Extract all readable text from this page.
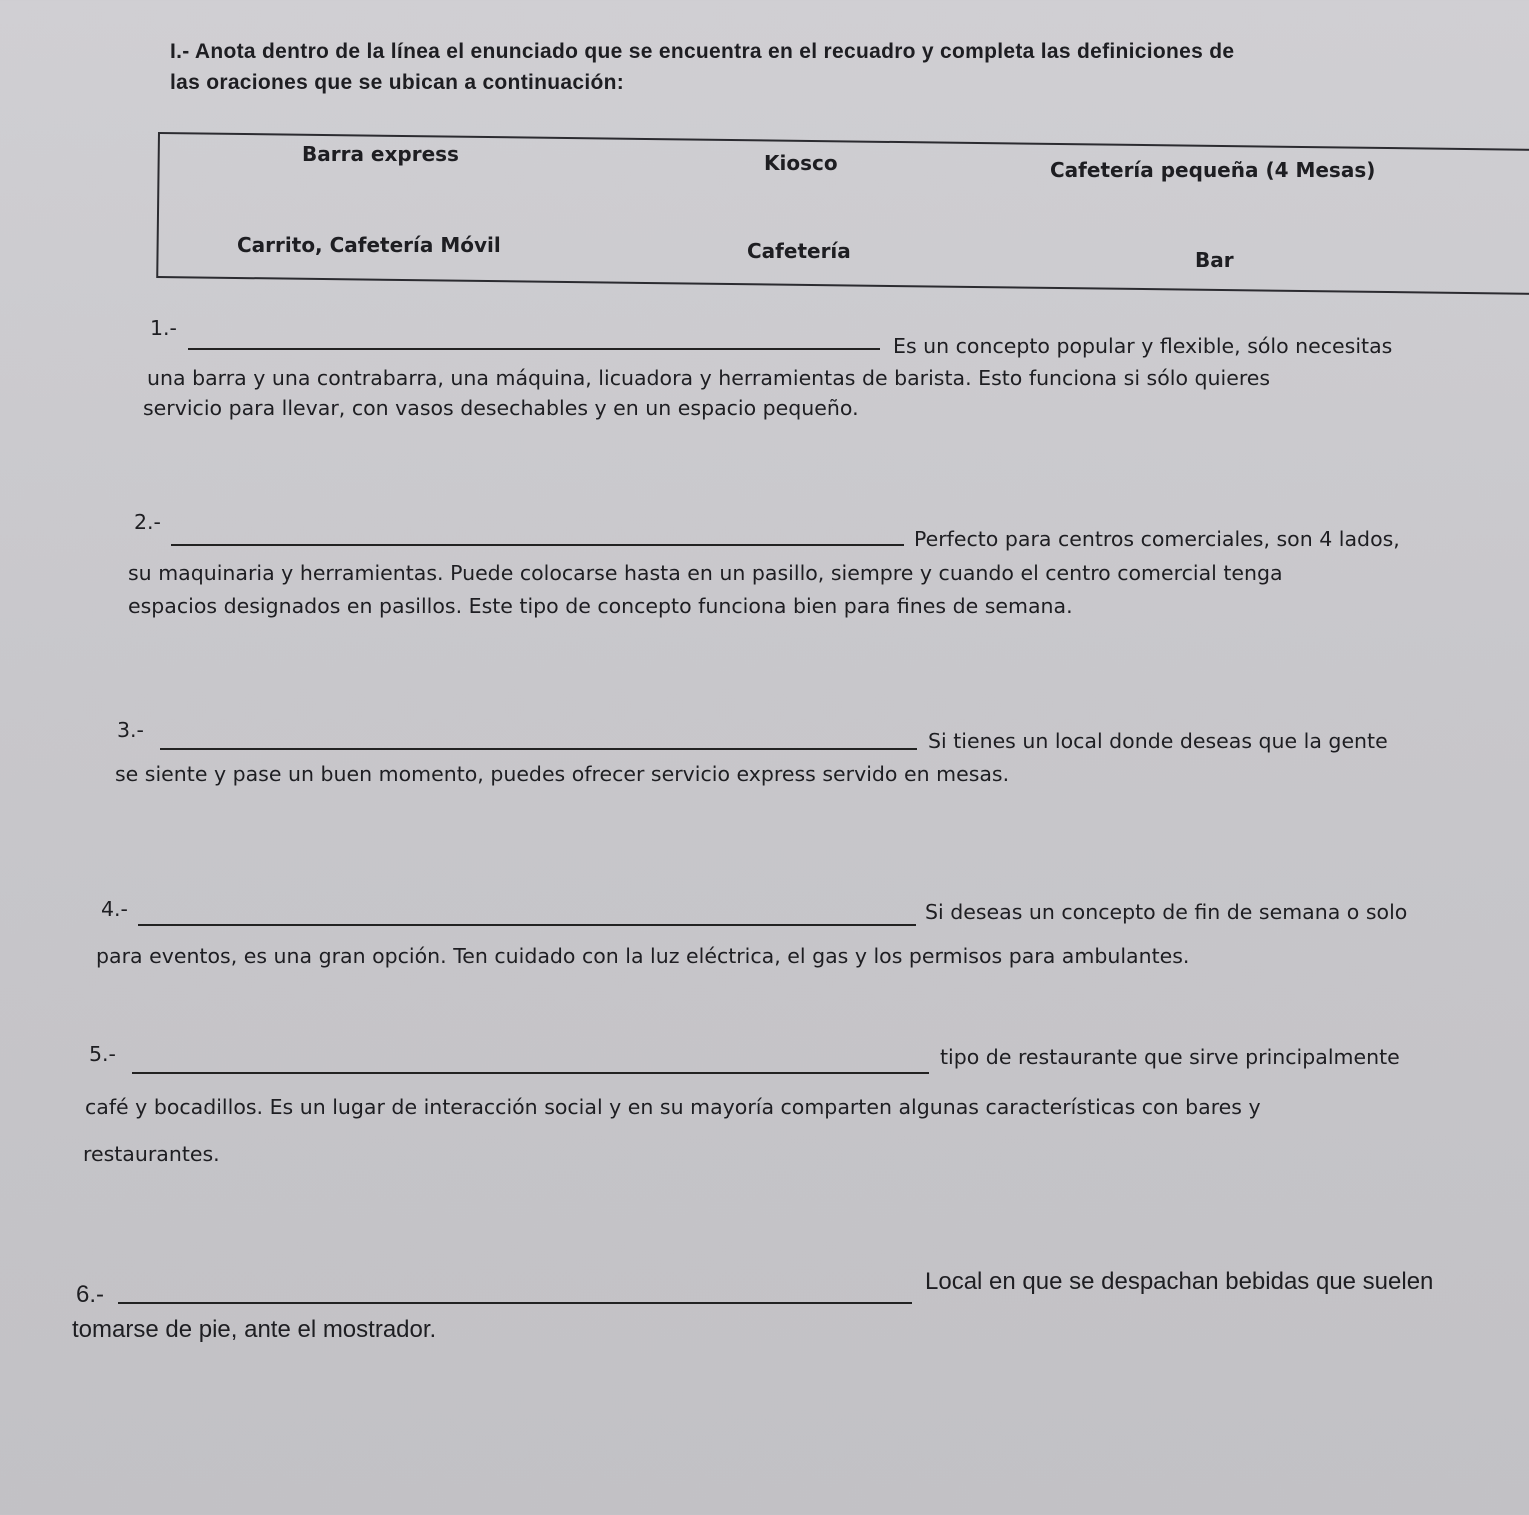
I.- Anota dentro de la línea el enunciado que se encuentra en el recuadro y completa las definiciones de
las oraciones que se ubican a continuación:
Barra express	Kiosco	Cafetería pequeña (4 Mesas)
Carrito, Cafetería Móvil	Cafetería	Bar
1.-
Es un concepto popular y flexible, sólo necesitas
una barra y una contrabarra, una máquina, licuadora y herramientas de barista. Esto funciona si sólo quieres
servicio para llevar, con vasos desechables y en un espacio pequeño.
2.-
Perfecto para centros comerciales, son 4 lados,
su maquinaria y herramientas. Puede colocarse hasta en un pasillo, siempre y cuando el centro comercial tenga
espacios designados en pasillos. Este tipo de concepto funciona bien para fines de semana.
3.-	Si tienes un local donde deseas que la gente
se siente y pase un buen momento, puedes ofrecer servicio express servido en mesas.
4.-	Si deseas un concepto de fin de semana o solo
para eventos, es una gran opción. Ten cuidado con la luz eléctrica, el gas y los permisos para ambulantes.
5.-	tipo de restaurante que sirve principalmente
café y bocadillos. Es un lugar de interacción social y en su mayoría comparten algunas características con bares y
restaurantes.
6.-	Local en que se despachan bebidas que suelen
tomarse de pie, ante el mostrador.
